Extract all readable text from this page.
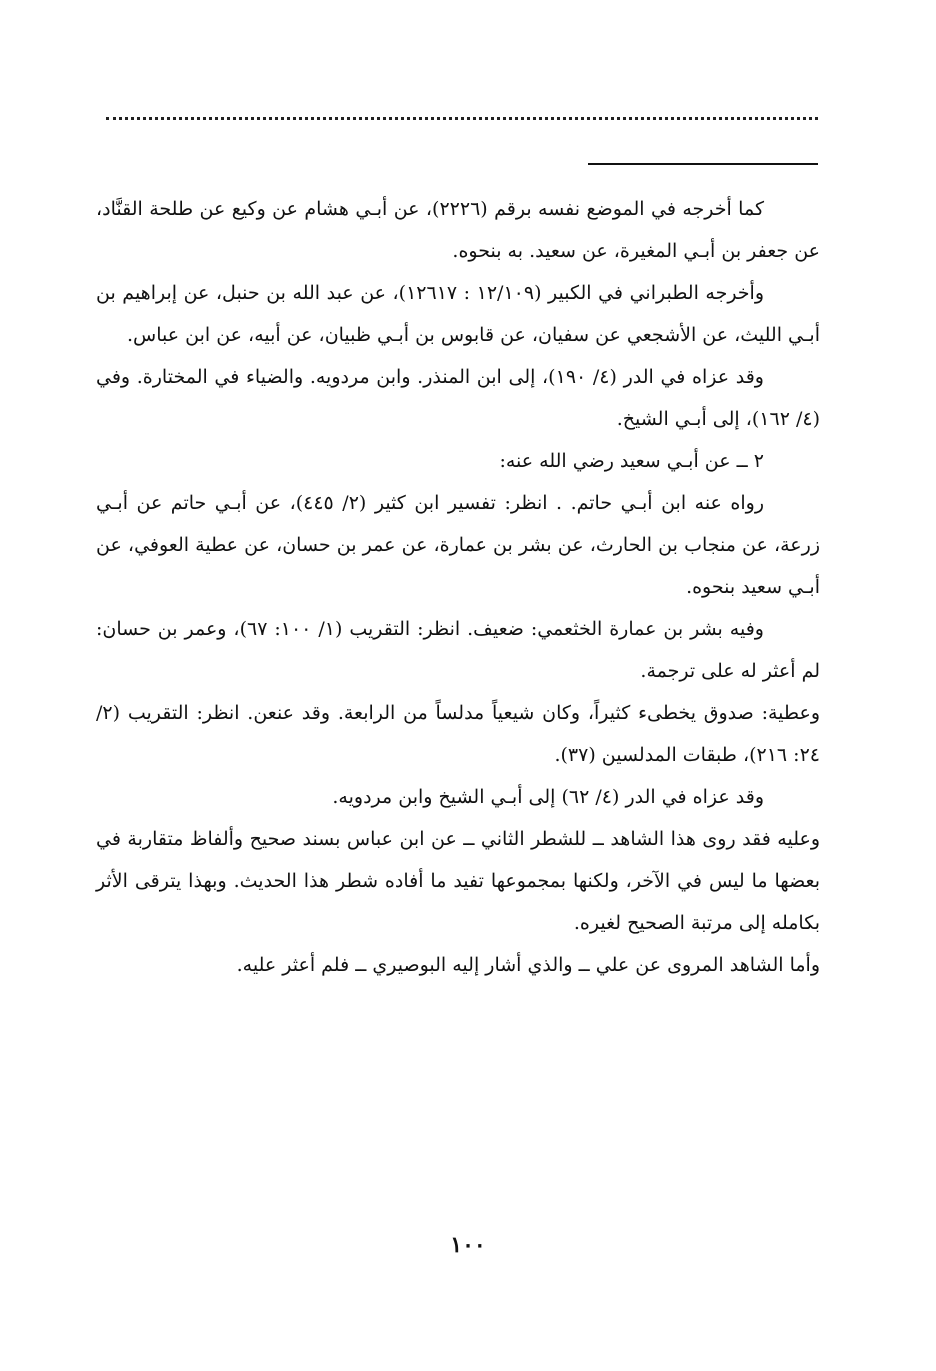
كما أخرجه في الموضع نفسه برقم (٢٢٢٦)، عن أبـي هشام عن وكيع عن طلحة القنَّاد، عن جعفر بن أبـي المغيرة، عن سعيد. به بنحوه.

وأخرجه الطبراني في الكبير (١٢/١٠٩ : ١٢٦١٧)، عن عبد الله بن حنبل، عن إبراهيم بن أبـي الليث، عن الأشجعي عن سفيان، عن قابوس بن أبـي ظبيان، عن أبيه، عن ابن عباس.

وقد عزاه في الدر (٤/ ١٩٠)، إلى ابن المنذر. وابن مردويه. والضياء في المختارة. وفي (٤/ ١٦٢)، إلى أبـي الشيخ.

٢ ــ عن أبـي سعيد رضي الله عنه:

رواه عنه ابن أبـي حاتم. . انظر: تفسير ابن كثير (٢/ ٤٤٥)، عن أبـي حاتم عن أبـي زرعة، عن منجاب بن الحارث، عن بشر بن عمارة، عن عمر بن حسان، عن عطية العوفي، عن أبـي سعيد بنحوه.

وفيه بشر بن عمارة الخثعمي: ضعيف. انظر: التقريب (١/ ١٠٠: ٦٧)، وعمر بن حسان: لم أعثر له على ترجمة.

وعطية: صدوق يخطىء كثيراً، وكان شيعياً مدلساً من الرابعة. وقد عنعن. انظر: التقريب (٢/ ٢٤: ٢١٦)، طبقات المدلسين (٣٧).

وقد عزاه في الدر (٤/ ٦٢) إلى أبـي الشيخ وابن مردويه.

وعليه فقد روى هذا الشاهد ــ للشطر الثاني ــ عن ابن عباس بسند صحيح وألفاظ متقاربة في بعضها ما ليس في الآخر، ولكنها بمجموعها تفيد ما أفاده شطر هذا الحديث. وبهذا يترقى الأثر بكامله إلى مرتبة الصحيح لغيره.

وأما الشاهد المروى عن علي ــ والذي أشار إليه البوصيري ــ فلم أعثر عليه.

١٠٠
